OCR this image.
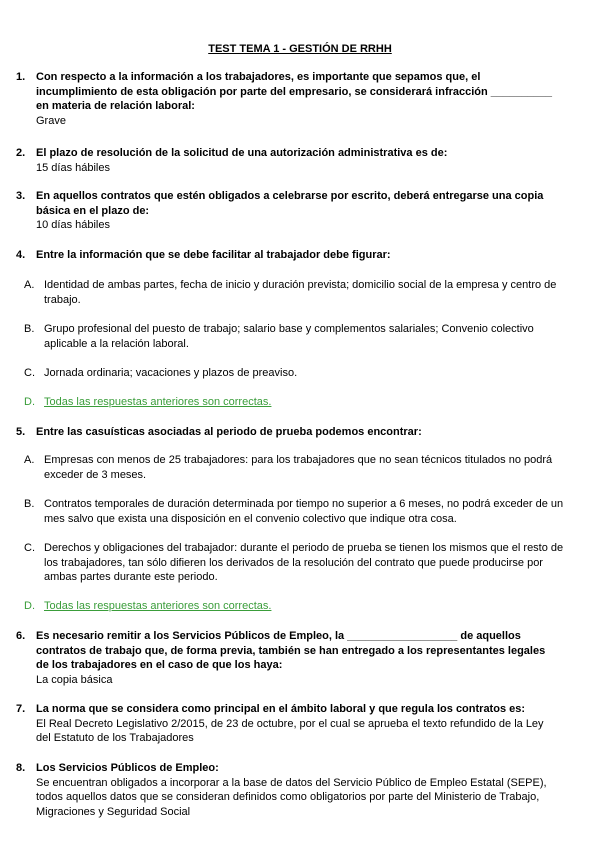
TEST TEMA 1 - GESTIÓN DE RRHH
1. Con respecto a la información a los trabajadores, es importante que sepamos que, el incumplimiento de esta obligación por parte del empresario, se considerará infracción __________ en materia de relación laboral:
Grave
2. El plazo de resolución de la solicitud de una autorización administrativa es de:
15 días hábiles
3. En aquellos contratos que estén obligados a celebrarse por escrito, deberá entregarse una copia básica en el plazo de:
10 días hábiles
4. Entre la información que se debe facilitar al trabajador debe figurar:
A. Identidad de ambas partes, fecha de inicio y duración prevista; domicilio social de la empresa y centro de trabajo.
B. Grupo profesional del puesto de trabajo; salario base y complementos salariales; Convenio colectivo aplicable a la relación laboral.
C. Jornada ordinaria; vacaciones y plazos de preaviso.
D. Todas las respuestas anteriores son correctas.
5. Entre las casuísticas asociadas al periodo de prueba podemos encontrar:
A. Empresas con menos de 25 trabajadores: para los trabajadores que no sean técnicos titulados no podrá exceder de 3 meses.
B. Contratos temporales de duración determinada por tiempo no superior a 6 meses, no podrá exceder de un mes salvo que exista una disposición en el convenio colectivo que indique otra cosa.
C. Derechos y obligaciones del trabajador: durante el periodo de prueba se tienen los mismos que el resto de los trabajadores, tan sólo difieren los derivados de la resolución del contrato que puede producirse por ambas partes durante este periodo.
D. Todas las respuestas anteriores son correctas.
6. Es necesario remitir a los Servicios Públicos de Empleo, la __________________ de aquellos contratos de trabajo que, de forma previa, también se han entregado a los representantes legales de los trabajadores en el caso de que los haya:
La copia básica
7. La norma que se considera como principal en el ámbito laboral y que regula los contratos es:
El Real Decreto Legislativo 2/2015, de 23 de octubre, por el cual se aprueba el texto refundido de la Ley del Estatuto de los Trabajadores
8. Los Servicios Públicos de Empleo:
Se encuentran obligados a incorporar a la base de datos del Servicio Público de Empleo Estatal (SEPE), todos aquellos datos que se consideran definidos como obligatorios por parte del Ministerio de Trabajo, Migraciones y Seguridad Social
